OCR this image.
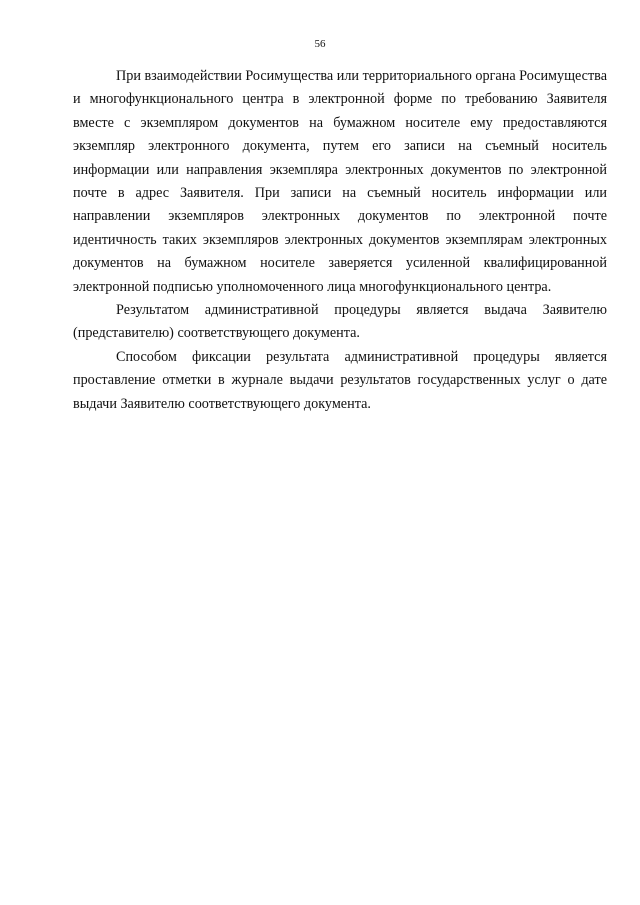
56

При взаимодействии Росимущества или территориального органа Росимущества и многофункционального центра в электронной форме по требованию Заявителя вместе с экземпляром документов на бумажном носителе ему предоставляются экземпляр электронного документа, путем его записи на съемный носитель информации или направления экземпляра электронных документов по электронной почте в адрес Заявителя. При записи на съемный носитель информации или направлении экземпляров электронных документов по электронной почте идентичность таких экземпляров электронных документов экземплярам электронных документов на бумажном носителе заверяется усиленной квалифицированной электронной подписью уполномоченного лица многофункционального центра.

Результатом административной процедуры является выдача Заявителю (представителю) соответствующего документа.

Способом фиксации результата административной процедуры является проставление отметки в журнале выдачи результатов государственных услуг о дате выдачи Заявителю соответствующего документа.
